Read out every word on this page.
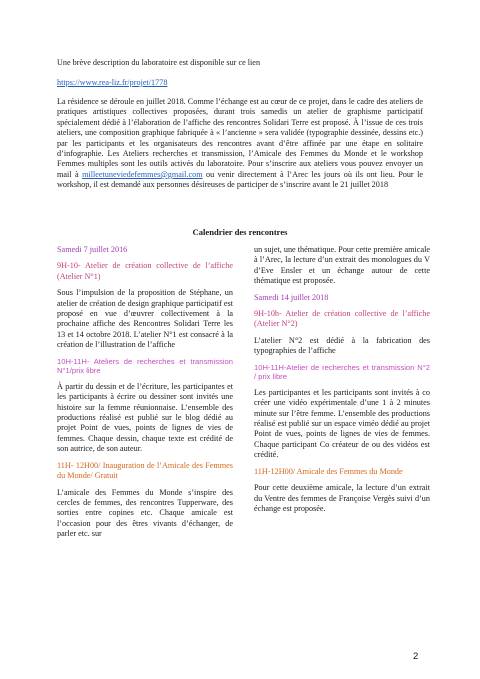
Une brève description du laboratoire est disponible sur ce lien
https://www.rea-liz.fr/projet/1778
La résidence se déroule en juillet 2018. Comme l’échange est au cœur de ce projet, dans le cadre des ateliers de pratiques artistiques collectives proposées, durant trois samedis un atelier de graphisme participatif spécialement dédié à l’élaboration de l’affiche des rencontres Solidari Terre est proposé. À l’issue de ces trois ateliers, une composition graphique fabriquée à « l’ancienne » sera validée (typographie dessinée, dessins etc.) par les participants et les organisateurs des rencontres avant d’être affinée par une étape en solitaire d’infographie. Les Ateliers recherches et transmission, l’Amicale des Femmes du Monde et le workshop Femmes multiples sont les outils activés du laboratoire. Pour s’inscrire aux ateliers vous pouvez envoyer un mail à milleetuneviedefemmes@gmail.com ou venir directement à l’Arec les jours où ils ont lieu. Pour le workshop, il est demandé aux personnes désireuses de participer de s’inscrire avant le 21 juillet 2018
Calendrier des rencontres

Samedi 7 juillet 2016

9H-10- Atelier de création collective de l’affiche (Atelier N°1)

Sous l’impulsion de la proposition de Stéphane, un atelier de création de design graphique participatif est proposé en vue d’œuvrer collectivement à la prochaine affiche des Rencontres Solidari Terre les 13 et 14 octobre 2018. L’atelier N°1 est consacré à la création de l’illustration de l’affiche

10H-11H- Ateliers de recherches et transmission N°1/prix libre

À partir du dessin et de l’écriture, les participantes et les participants à écrire ou dessiner sont invités une histoire sur la femme réunionnaise. L’ensemble des productions réalisé est publié sur le blog dédié au projet Point de vues, points de lignes de vies de femmes. Chaque dessin, chaque texte est crédité de son autrice, de son auteur.

11H- 12H00/ Inauguration de l’Amicale des Femmes du Monde/ Gratuit

L’amicale des Femmes du Monde s’inspire des cercles de femmes, des rencontres Tupperware, des sorties entre copines etc. Chaque amicale est l’occasion pour des êtres vivants d’échanger, de parler etc. sur

un sujet, une thématique. Pour cette première amicale à l’Arec, la lecture d’un extrait des monologues du V d’Eve Ensler et un échange autour de cette thématique est proposée.

Samedi 14 juillet 2018

9H-10h- Atelier de création collective de l’affiche (Atelier N°2)

L’atelier N°2 est dédié à la fabrication des typographies de l’affiche

10H-11H-Atelier de recherches et transmission N°2 / prix libre

Les participantes et les participants sont invités à co créer une vidéo expérimentale d’une 1 à 2 minutes minute sur l’être femme. L’ensemble des productions réalisé est publié sur un espace viméo dédié au projet Point de vues, points de lignes de vies de femmes. Chaque participant Co créateur de ou des vidéos est crédité.

11H-12H00/ Amicale des Femmes du Monde

Pour cette deuxième amicale, la lecture d’un extrait du Ventre des femmes de Françoise Vergès suivi d’un échange est proposée.

2
